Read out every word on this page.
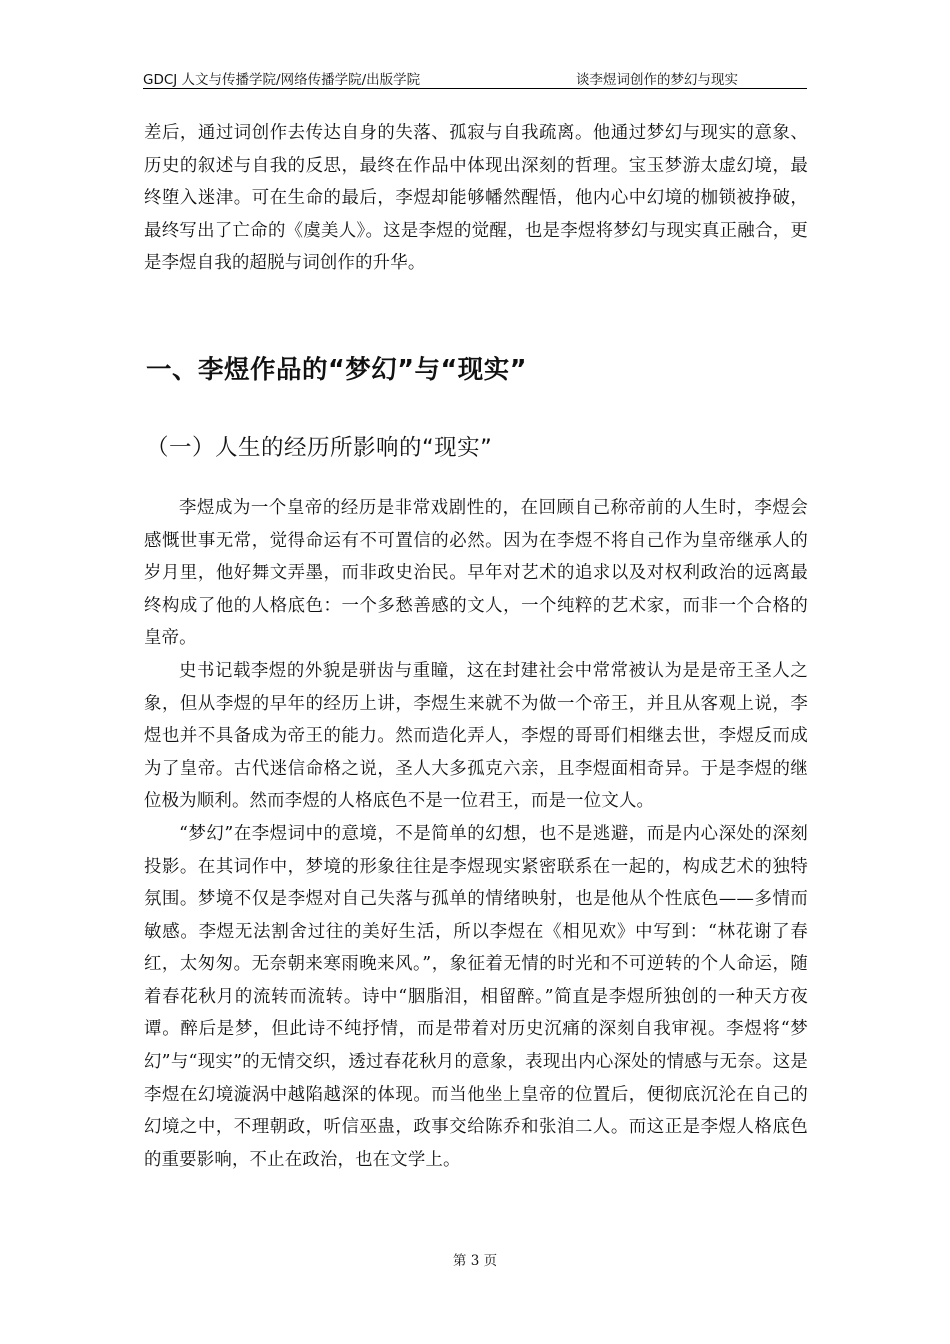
GDCJ 人文与传播学院/网络传播学院/出版学院	谈李煜词创作的梦幻与现实

差后，通过词创作去传达自身的失落、孤寂与自我疏离。他通过梦幻与现实的意象、历史的叙述与自我的反思，最终在作品中体现出深刻的哲理。宝玉梦游太虚幻境，最终堕入迷津。可在生命的最后，李煜却能够幡然醒悟，他内心中幻境的枷锁被挣破，最终写出了亡命的《虞美人》。这是李煜的觉醒，也是李煜将梦幻与现实真正融合，更是李煜自我的超脱与词创作的升华。

一、李煜作品的“梦幻”与“现实”
（一）人生的经历所影响的“现实”

李煜成为一个皇帝的经历是非常戏剧性的，在回顾自己称帝前的人生时，李煜会感慨世事无常，觉得命运有不可置信的必然。因为在李煜不将自己作为皇帝继承人的岁月里，他好舞文弄墨，而非政史治民。早年对艺术的追求以及对权利政治的远离最终构成了他的人格底色：一个多愁善感的文人，一个纯粹的艺术家，而非一个合格的皇帝。

史书记载李煜的外貌是骈齿与重瞳，这在封建社会中常常被认为是是帝王圣人之象，但从李煜的早年的经历上讲，李煜生来就不为做一个帝王，并且从客观上说，李煜也并不具备成为帝王的能力。然而造化弄人，李煜的哥哥们相继去世，李煜反而成为了皇帝。古代迷信命格之说，圣人大多孤克六亲，且李煜面相奇异。于是李煜的继位极为顺利。然而李煜的人格底色不是一位君王，而是一位文人。

“梦幻”在李煜词中的意境，不是简单的幻想，也不是逃避，而是内心深处的深刻投影。在其词作中，梦境的形象往往是李煜现实紧密联系在一起的，构成艺术的独特氛围。梦境不仅是李煜对自己失落与孤单的情绪映射，也是他从个性底色——多情而敏感。李煜无法割舍过往的美好生活，所以李煜在《相见欢》中写到：“林花谢了春红，太匆匆。无奈朝来寒雨晚来风。”，象征着无情的时光和不可逆转的个人命运，随着春花秋月的流转而流转。诗中“胭脂泪，相留醉。”简直是李煜所独创的一种天方夜谭。醉后是梦，但此诗不纯抒情，而是带着对历史沉痛的深刻自我审视。李煜将“梦幻”与“现实”的无情交织，透过春花秋月的意象，表现出内心深处的情感与无奈。这是李煜在幻境漩涡中越陷越深的体现。而当他坐上皇帝的位置后，便彻底沉沦在自己的幻境之中，不理朝政，听信巫蛊，政事交给陈乔和张洎二人。而这正是李煜人格底色的重要影响，不止在政治，也在文学上。

第 3 页
